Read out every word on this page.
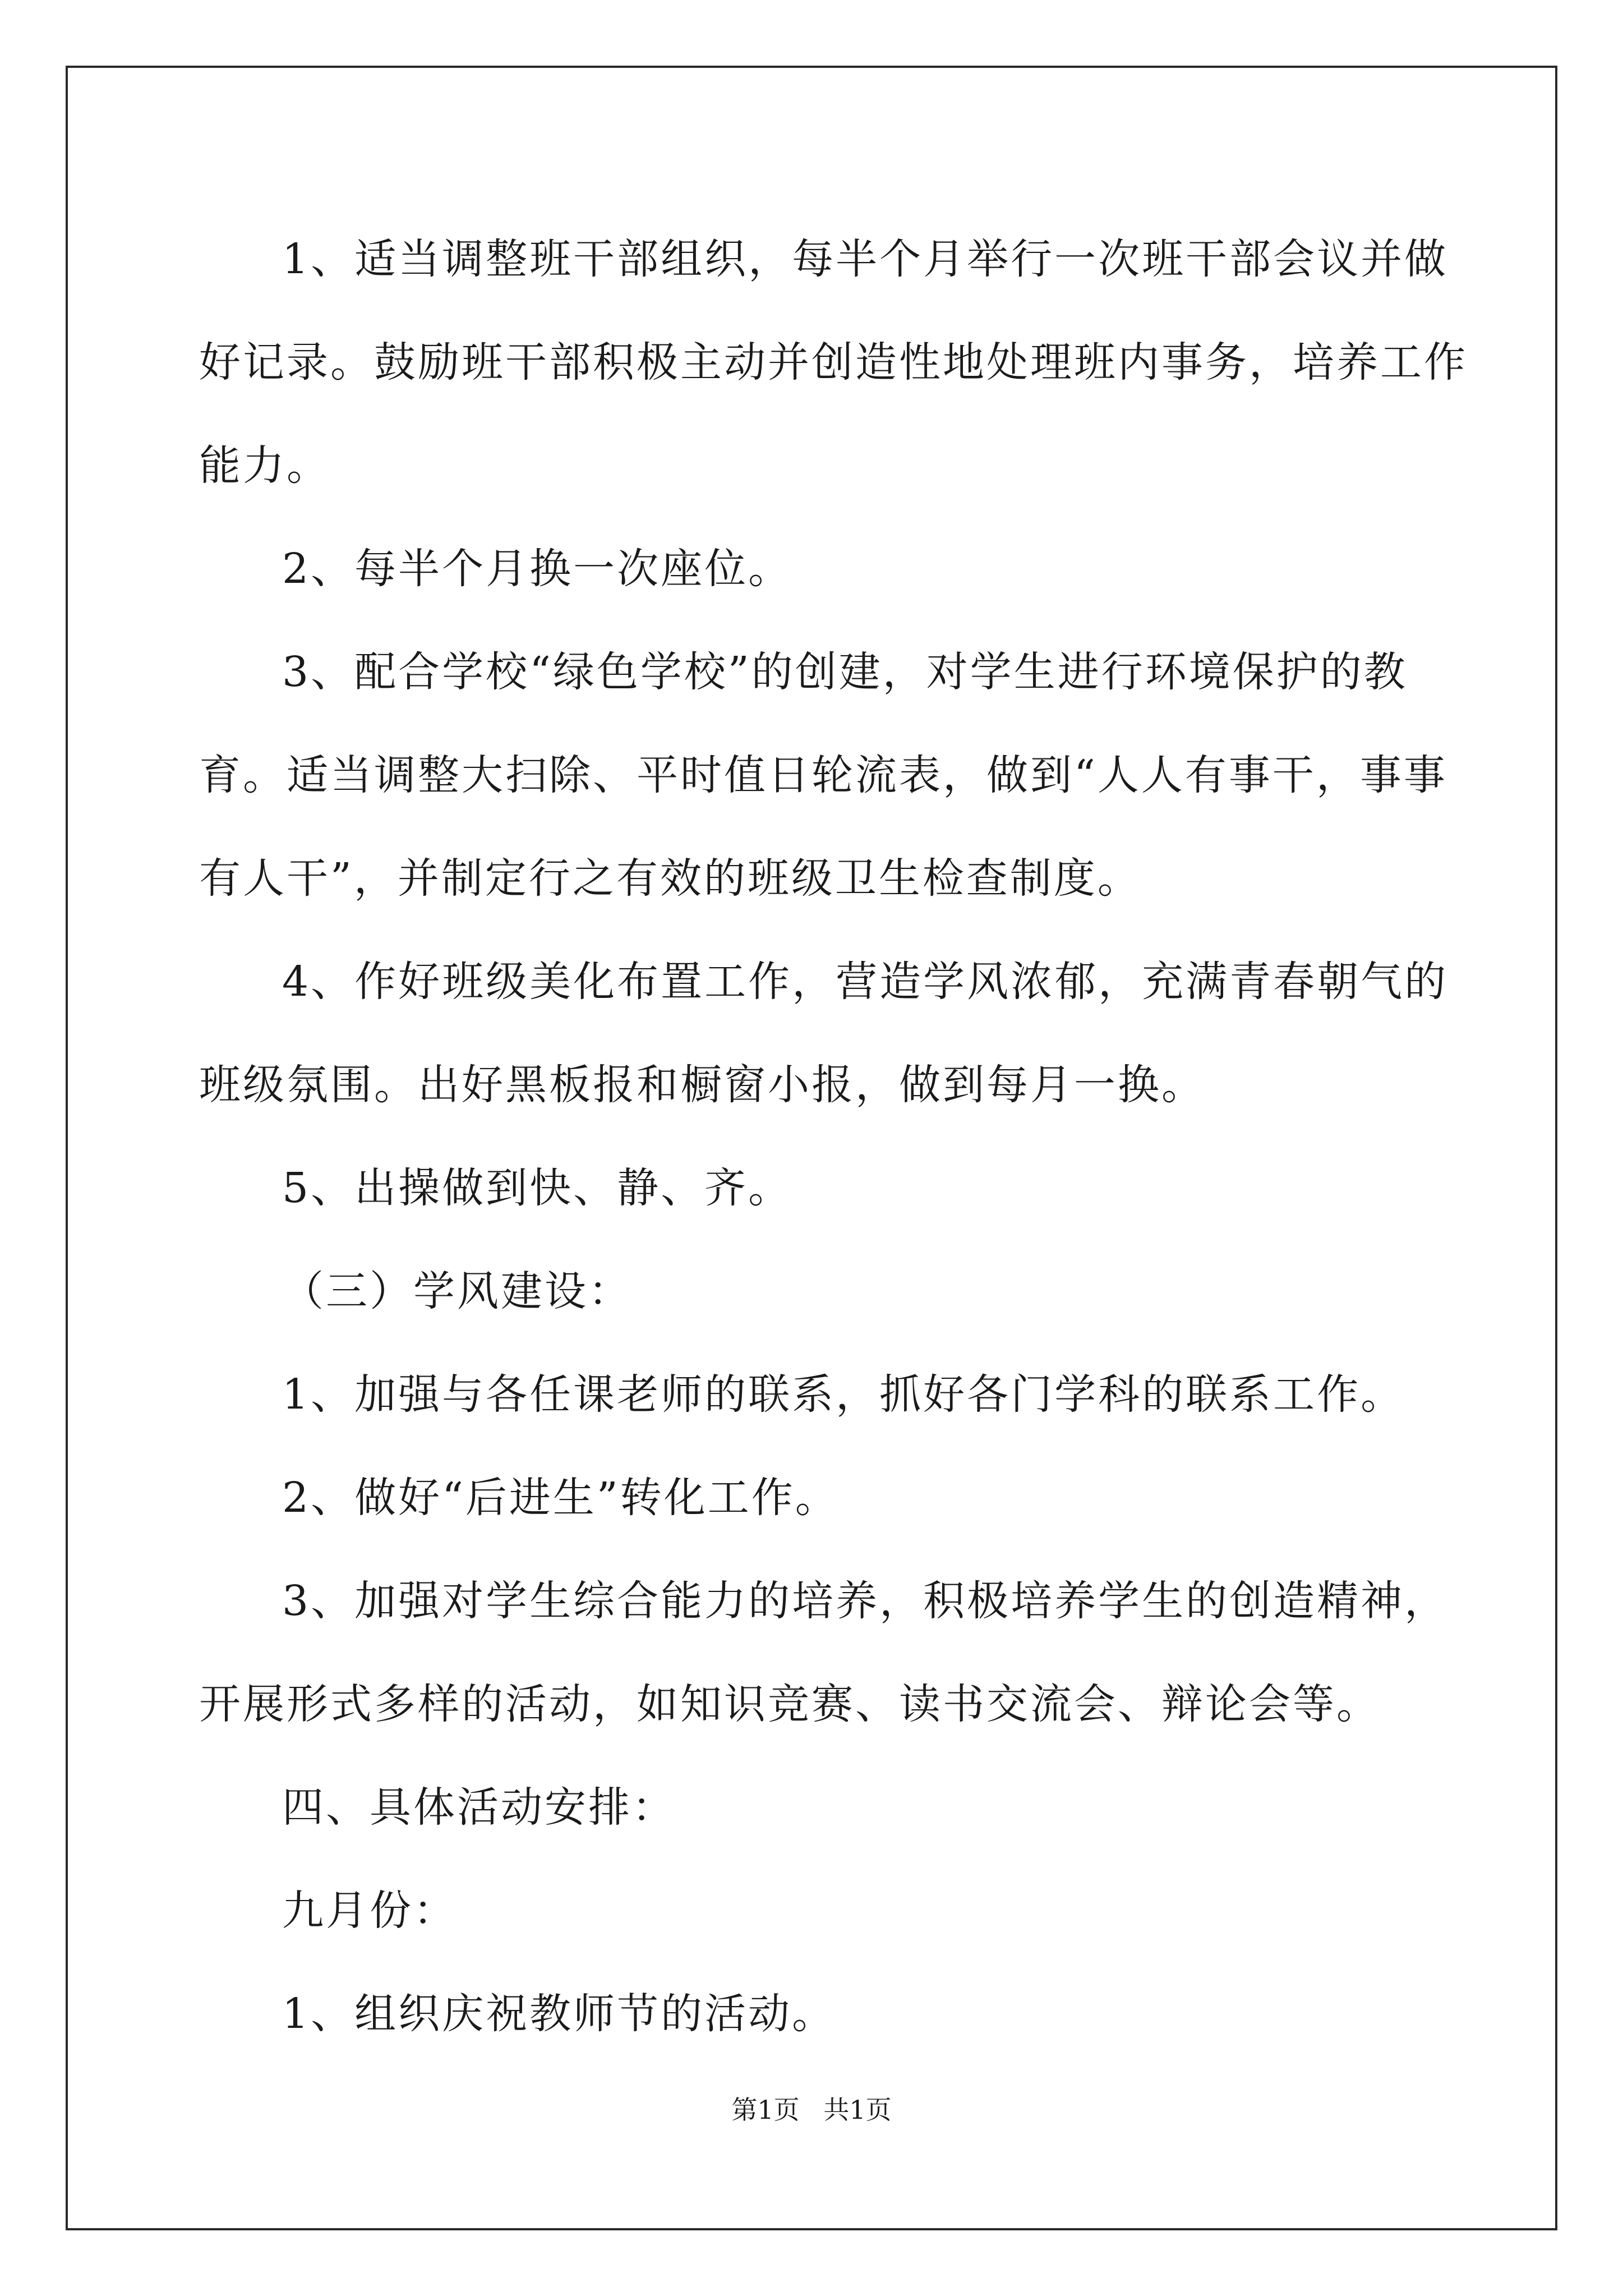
1、适当调整班干部组织，每半个月举行一次班干部会议并做好记录。鼓励班干部积极主动并创造性地处理班内事务，培养工作能力。

2、每半个月换一次座位。

3、配合学校“绿色学校”的创建，对学生进行环境保护的教育。适当调整大扫除、平时值日轮流表，做到“人人有事干，事事有人干”，并制定行之有效的班级卫生检查制度。

4、作好班级美化布置工作，营造学风浓郁，充满青春朝气的班级氛围。出好黑板报和橱窗小报，做到每月一换。

5、出操做到快、静、齐。

（三）学风建设：

1、加强与各任课老师的联系，抓好各门学科的联系工作。

2、做好“后进生”转化工作。

3、加强对学生综合能力的培养，积极培养学生的创造精神，开展形式多样的活动，如知识竞赛、读书交流会、辩论会等。

四、具体活动安排：

九月份：

1、组织庆祝教师节的活动。

第1页 共1页
